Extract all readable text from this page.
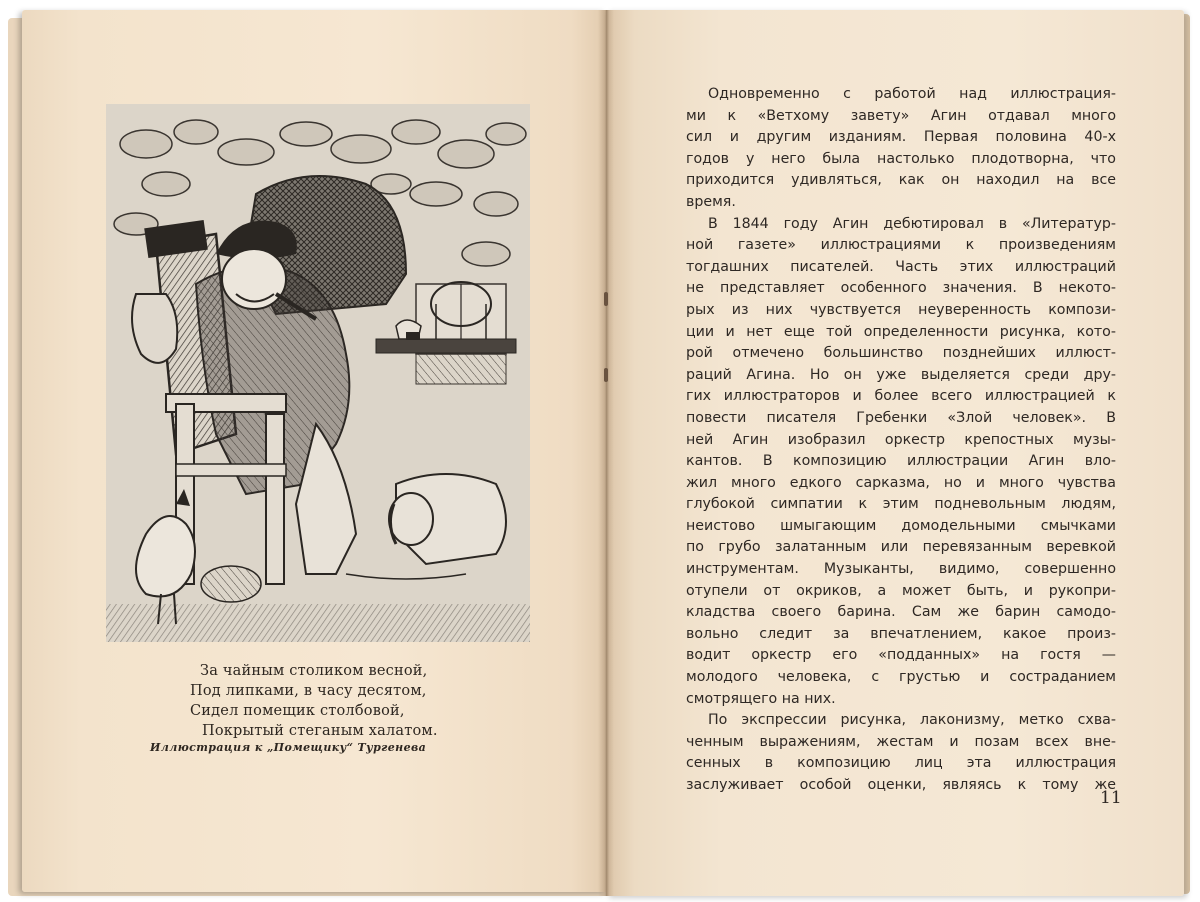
За чайным столиком весной,
Под липками, в часу десятом,
Сидел помещик столбовой,
Покрытый стеганым халатом.
Иллюстрация к „Помещику“ Тургенева
Одновременно с работой над иллюстрация-
ми к «Ветхому завету» Агин отдавал много
сил и другим изданиям. Первая половина 40-х
годов у него была настолько плодотворна, что
приходится удивляться, как он находил на все
время.
В 1844 году Агин дебютировал в «Литератур-
ной газете» иллюстрациями к произведениям
тогдашних писателей. Часть этих иллюстраций
не представляет особенного значения. В некото-
рых из них чувствуется неуверенность компози-
ции и нет еще той определенности рисунка, кото-
рой отмечено большинство позднейших иллюст-
раций Агина. Но он уже выделяется среди дру-
гих иллюстраторов и более всего иллюстрацией к
повести писателя Гребенки «Злой человек». В
ней Агин изобразил оркестр крепостных музы-
кантов. В композицию иллюстрации Агин вло-
жил много едкого сарказма, но и много чувства
глубокой симпатии к этим подневольным людям,
неистово шмыгающим домодельными смычками
по грубо залатанным или перевязанным веревкой
инструментам. Музыканты, видимо, совершенно
отупели от окриков, а может быть, и рукопри-
кладства своего барина. Сам же барин самодо-
вольно следит за впечатлением, какое произ-
водит оркестр его «подданных» на гостя —
молодого человека, с грустью и состраданием
смотрящего на них.
По экспрессии рисунка, лаконизму, метко схва-
ченным выражениям, жестам и позам всех вне-
сенных в композицию лиц эта иллюстрация
заслуживает особой оценки, являясь к тому же
11
